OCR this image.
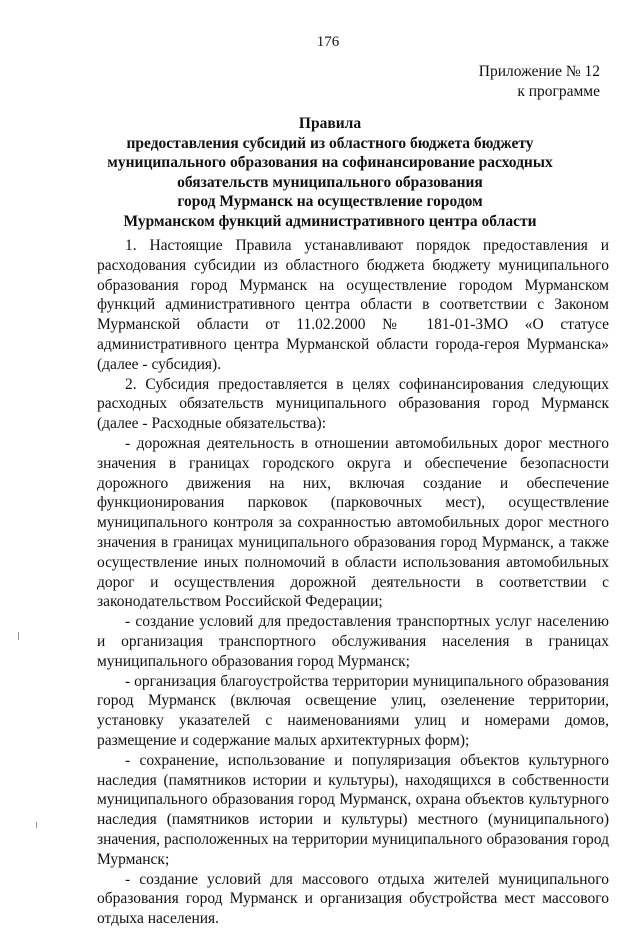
176
Приложение № 12
к программе
Правила
предоставления субсидий из областного бюджета бюджету
муниципального образования на софинансирование расходных
обязательств муниципального образования
город Мурманск на осуществление городом
Мурманском функций административного центра области

1. Настоящие Правила устанавливают порядок предоставления и расходования субсидии из областного бюджета бюджету муниципального образования город Мурманск на осуществление городом Мурманском функций административного центра области в соответствии с Законом Мурманской области от 11.02.2000 № 181-01-ЗМО «О статусе административного центра Мурманской области города-героя Мурманска» (далее - субсидия).

2. Субсидия предоставляется в целях софинансирования следующих расходных обязательств муниципального образования город Мурманск (далее - Расходные обязательства):

- дорожная деятельность в отношении автомобильных дорог местного значения в границах городского округа и обеспечение безопасности дорожного движения на них, включая создание и обеспечение функционирования парковок (парковочных мест), осуществление муниципального контроля за сохранностью автомобильных дорог местного значения в границах муниципального образования город Мурманск, а также осуществление иных полномочий в области использования автомобильных дорог и осуществления дорожной деятельности в соответствии с законодательством Российской Федерации;

- создание условий для предоставления транспортных услуг населению и организация транспортного обслуживания населения в границах муниципального образования город Мурманск;

- организация благоустройства территории муниципального образования город Мурманск (включая освещение улиц, озеленение территории, установку указателей с наименованиями улиц и номерами домов, размещение и содержание малых архитектурных форм);

- сохранение, использование и популяризация объектов культурного наследия (памятников истории и культуры), находящихся в собственности муниципального образования город Мурманск, охрана объектов культурного наследия (памятников истории и культуры) местного (муниципального) значения, расположенных на территории муниципального образования город Мурманск;

- создание условий для массового отдыха жителей муниципального образования город Мурманск и организация обустройства мест массового отдыха населения.
